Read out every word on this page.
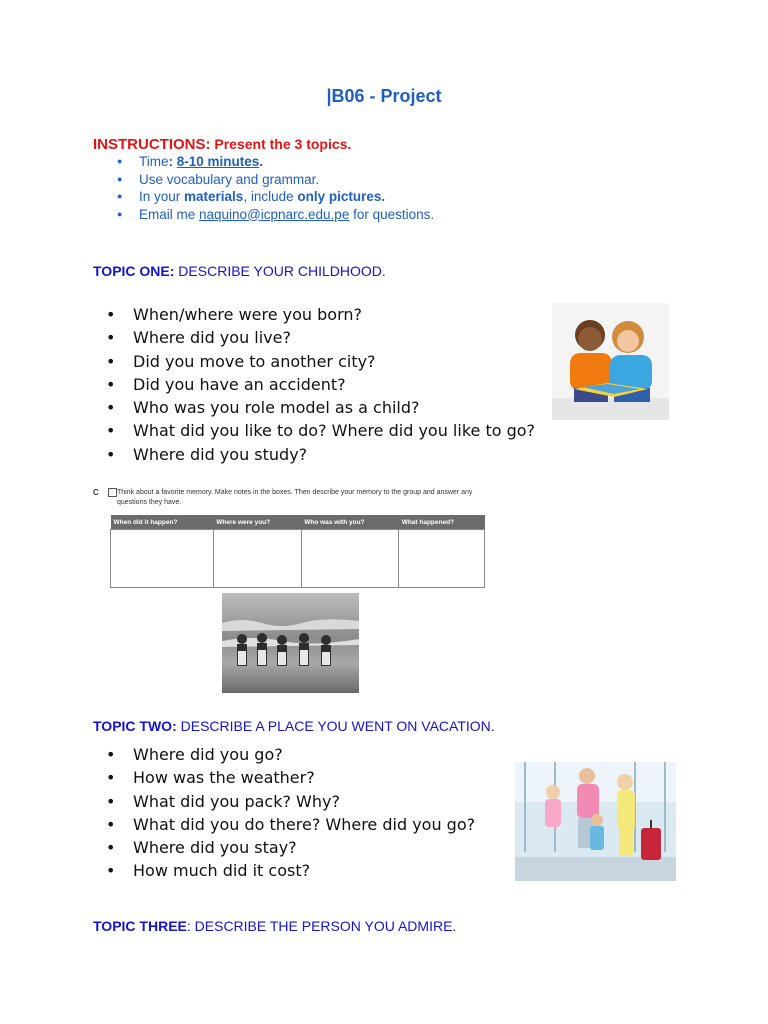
|B06 - Project
INSTRUCTIONS: Present the 3 topics.
● Time: 8-10 minutes.
● Use vocabulary and grammar.
● In your materials, include only pictures.
● Email me naquino@icpnarc.edu.pe for questions.
TOPIC ONE: DESCRIBE YOUR CHILDHOOD.
• When/where were you born?
• Where did you live?
• Did you move to another city?
• Did you have an accident?
• Who was you role model as a child?
• What did you like to do? Where did you like to go?
• Where did you study?
C	Think about a favorite memory. Make notes in the boxes. Then describe your memory to the group and answer any questions they have.
When did it happen?	Where were you?	Who was with you?	What happened?

TOPIC TWO: DESCRIBE A PLACE YOU WENT ON VACATION.
• Where did you go?
• How was the weather?
• What did you pack? Why?
• What did you do there? Where did you go?
• Where did you stay?
• How much did it cost?
TOPIC THREE: DESCRIBE THE PERSON YOU ADMIRE.
